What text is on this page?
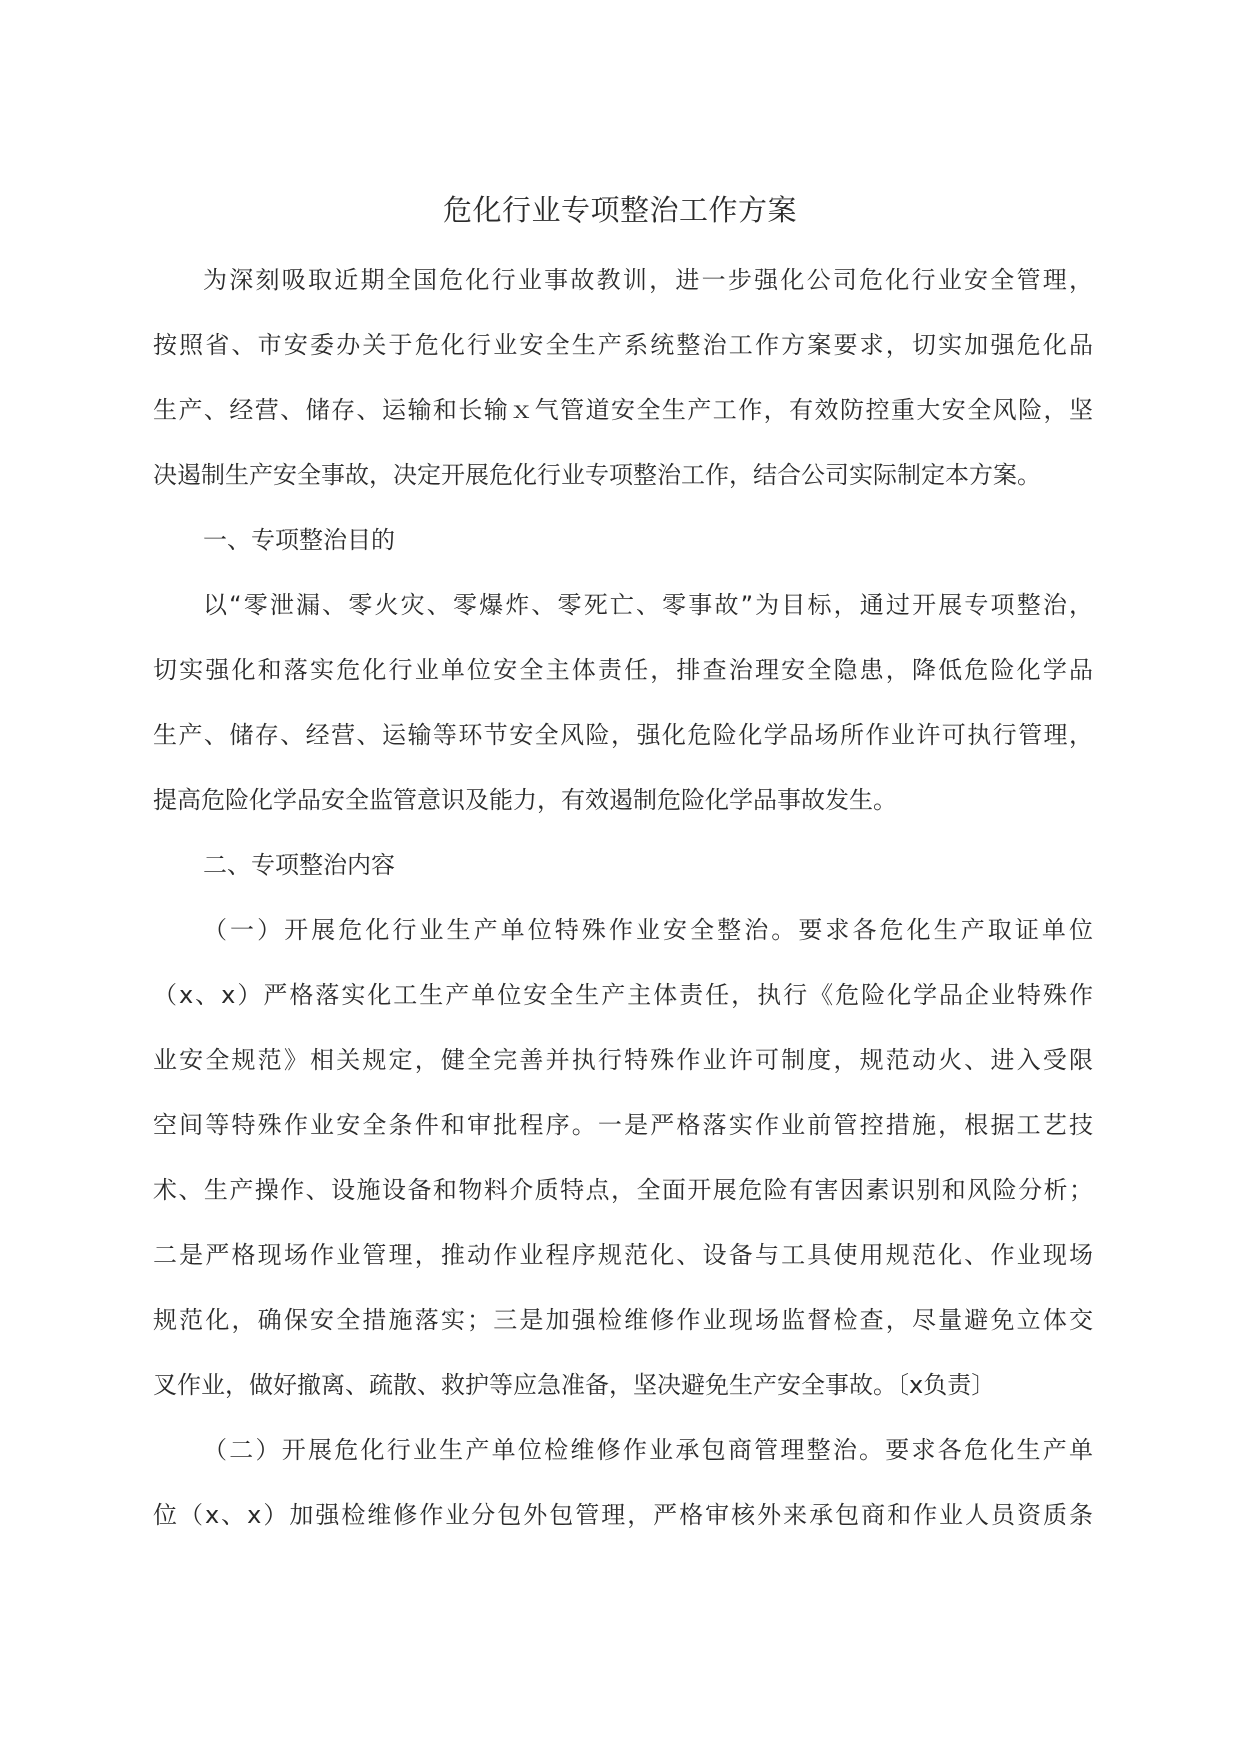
危化行业专项整治工作方案
为深刻吸取近期全国危化行业事故教训，进一步强化公司危化行业安全管理，
按照省、市安委办关于危化行业安全生产系统整治工作方案要求，切实加强危化品
生产、经营、储存、运输和长输ｘ气管道安全生产工作，有效防控重大安全风险，坚
决遏制生产安全事故，决定开展危化行业专项整治工作，结合公司实际制定本方案。
一、专项整治目的
以“零泄漏、零火灾、零爆炸、零死亡、零事故”为目标，通过开展专项整治，
切实强化和落实危化行业单位安全主体责任，排查治理安全隐患，降低危险化学品
生产、储存、经营、运输等环节安全风险，强化危险化学品场所作业许可执行管理，
提高危险化学品安全监管意识及能力，有效遏制危险化学品事故发生。
二、专项整治内容
（一）开展危化行业生产单位特殊作业安全整治。要求各危化生产取证单位
（x、x）严格落实化工生产单位安全生产主体责任，执行《危险化学品企业特殊作
业安全规范》相关规定，健全完善并执行特殊作业许可制度，规范动火、进入受限
空间等特殊作业安全条件和审批程序。一是严格落实作业前管控措施，根据工艺技
术、生产操作、设施设备和物料介质特点，全面开展危险有害因素识别和风险分析；
二是严格现场作业管理，推动作业程序规范化、设备与工具使用规范化、作业现场
规范化，确保安全措施落实；三是加强检维修作业现场监督检查，尽量避免立体交
叉作业，做好撤离、疏散、救护等应急准备，坚决避免生产安全事故。〔x负责〕
（二）开展危化行业生产单位检维修作业承包商管理整治。要求各危化生产单
位（x、x）加强检维修作业分包外包管理，严格审核外来承包商和作业人员资质条
